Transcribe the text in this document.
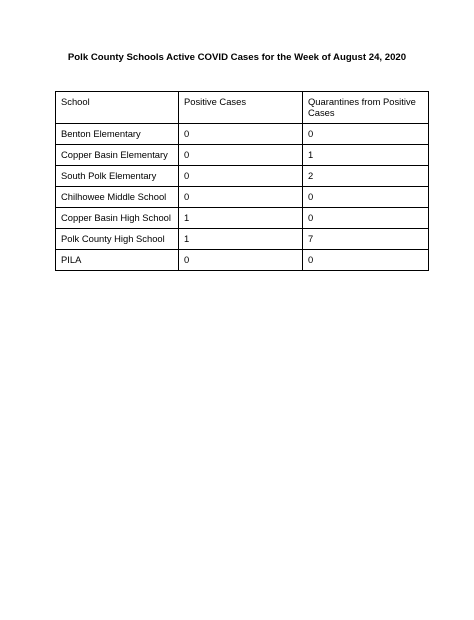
Polk County Schools Active COVID Cases for the Week of August 24, 2020
School	Positive Cases	Quarantines from Positive Cases
Benton Elementary	0	0
Copper Basin Elementary	0	1
South Polk Elementary	0	2
Chilhowee Middle School	0	0
Copper Basin High School	1	0
Polk County High School	1	7
PILA	0	0
